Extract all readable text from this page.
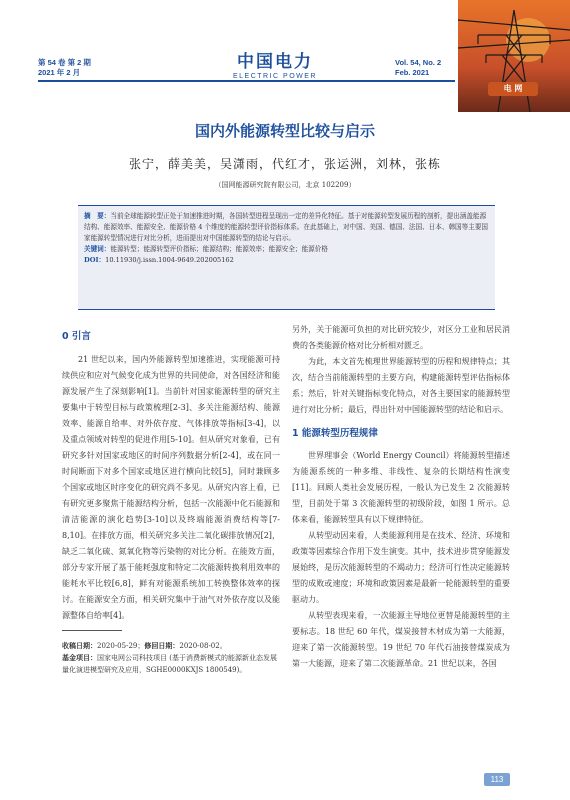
第 54 卷 第 2 期
2021 年 2 月
中国电力
ELECTRIC POWER
Vol. 54, No. 2
Feb. 2021
电 网
国内外能源转型比较与启示
张宁，薛美美，吴潇雨，代红才，张运洲，刘林，张栋
（国网能源研究院有限公司，北京 102209）
摘　要：当前全球能源转型正处于加速推进时期，各国转型进程呈现出一定的差异化特征。基于对能源转型发展历程的剖析，提出涵盖能源结构、能源效率、能源安全、能源价格 4 个维度的能源转型评价指标体系。在此基础上，对中国、美国、德国、法国、日本、韩国等主要国家能源转型情况进行对比分析，进而提出对中国能源转型的结论与启示。
关键词：能源转型；能源转型评价指标；能源结构；能源效率；能源安全；能源价格
DOI：10.11930/j.issn.1004-9649.202005162
0 引言

21 世纪以来，国内外能源转型加速推进，实现能源可持续供应和应对气候变化成为世界的共同使命，对各国经济和能源发展产生了深刻影响[1]。当前针对国家能源转型的研究主要集中于转型目标与政策梳理[2-3]、多关注能源结构、能源效率、能源自给率、对外依存度、气体排放等指标[3-4]，以及重点领域对转型的促进作用[5-10]。但从研究对象看，已有研究多针对国家或地区的时间序列数据分析[2-4]，或在同一时间断面下对多个国家或地区进行横向比较[5]，同时兼顾多个国家或地区时序变化的研究尚不多见。从研究内容上看，已有研究更多聚焦于能源结构分析，包括一次能源中化石能源和清洁能源的演化趋势[3-10]以及终端能源消费结构等[7-8,10]。在排放方面，相关研究多关注二氧化碳排放情况[2]，缺乏二氧化硫、氮氧化物等污染物的对比分析。在能效方面，部分专家开展了基于能耗强度和特定二次能源转换利用效率的能耗水平比较[6,8]，鲜有对能源系统加工转换整体效率的探讨。在能源安全方面，相关研究集中于油气对外依存度以及能源整体自给率[4]。

收稿日期：2020-05-29；修回日期：2020-08-02。
基金项目：国家电网公司科技项目 (基于消费新模式的能源新业态发展量化演进模型研究及应用，SGHE0000KXJS 1800549)。

另外，关于能源可负担的对比研究较少，对区分工业和居民消费的各类能源价格对比分析相对匮乏。

为此，本文首先梳理世界能源转型的历程和规律特点；其次，结合当前能源转型的主要方向，构建能源转型评估指标体系；然后，针对关键指标变化特点，对各主要国家的能源转型进行对比分析；最后，得出针对中国能源转型的结论和启示。

1 能源转型历程规律

世界理事会（World Energy Council）将能源转型描述为能源系统的一种多维、非线性、复杂的长期结构性演变[11]。回顾人类社会发展历程，一般认为已发生 2 次能源转型，目前处于第 3 次能源转型的初级阶段，如图 1 所示。总体来看，能源转型具有以下规律特征。

从转型动因来看，人类能源利用是在技术、经济、环境和政策等因素综合作用下发生演变。其中，技术进步贯穿能源发展始终，是历次能源转型的不竭动力；经济可行性决定能源转型的成败或速度；环境和政策因素是最新一轮能源转型的重要驱动力。

从转型表现来看，一次能源主导地位更替是能源转型的主要标志。18 世纪 60 年代，煤炭接替木材成为第一大能源，迎来了第一次能源转型。19 世纪 70 年代石油接替煤炭成为第一大能源，迎来了第二次能源革命。21 世纪以来，各国

113
